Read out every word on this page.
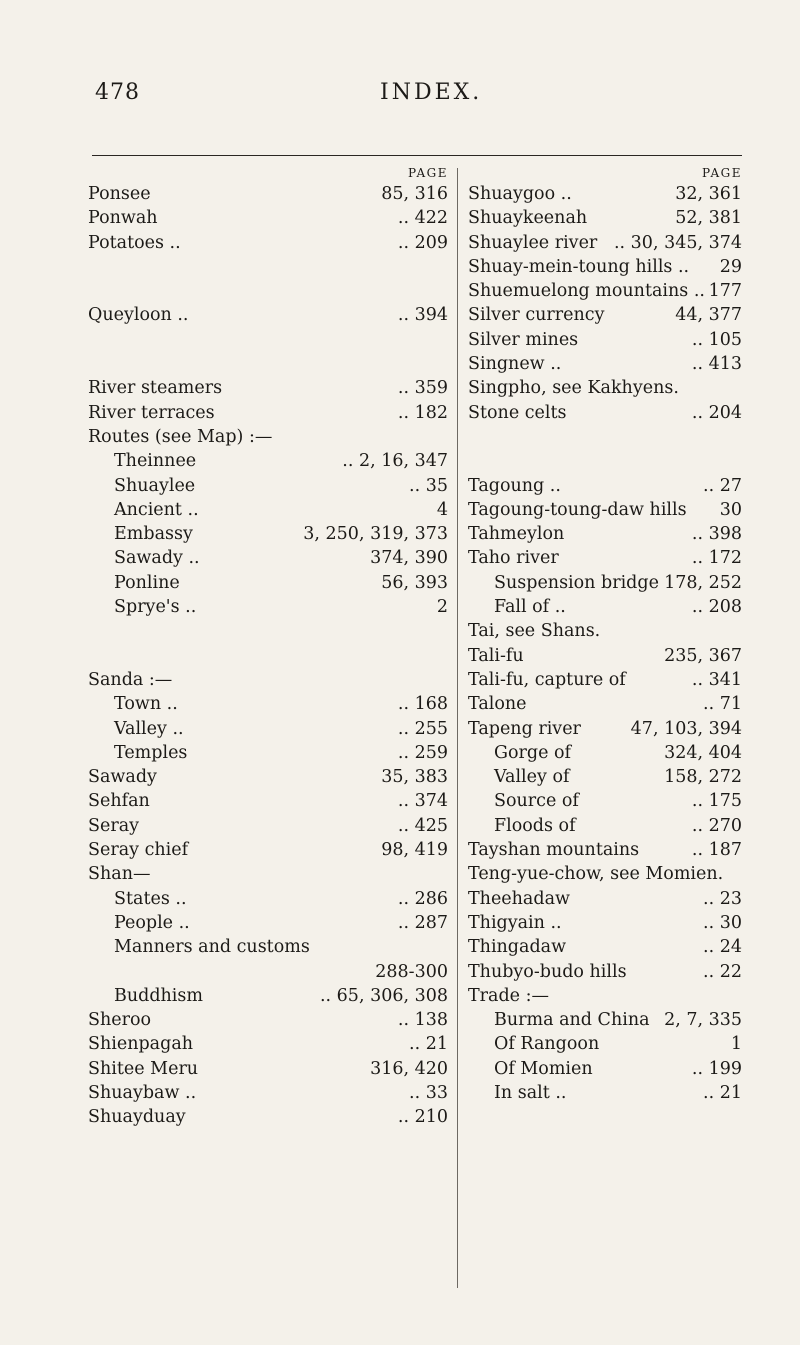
478	INDEX.
PAGE
Ponsee	85, 316
Ponwah	.. 422
Potatoes ..	.. 209
Queyloon ..	.. 394
River steamers	.. 359
River terraces	.. 182
Routes (see Map) :—
Theinnee	.. 2, 16, 347
Shuaylee	.. 35
Ancient ..	4
Embassy	3, 250, 319, 373
Sawady ..	374, 390
Ponline	56, 393
Sprye's ..	2
Sanda :—
Town ..	.. 168
Valley ..	.. 255
Temples	.. 259
Sawady	35, 383
Sehfan	.. 374
Seray	.. 425
Seray chief	98, 419
Shan—
States ..	.. 286
People ..	.. 287
Manners and customs
288-300
Buddhism	.. 65, 306, 308
Sheroo	.. 138
Shienpagah	.. 21
Shitee Meru	316, 420
Shuaybaw ..	.. 33
Shuayduay	.. 210
PAGE
Shuaygoo ..	32, 361
Shuaykeenah	52, 381
Shuaylee river .. 30, 345, 374
Shuay-mein-toung hills .. 29
Shuemuelong mountains .. 177
Silver currency	44, 377
Silver mines	.. 105
Singnew ..	.. 413
Singpho, see Kakhyens.
Stone celts	.. 204
Tagoung ..	.. 27
Tagoung-toung-daw hills 30
Tahmeylon	.. 398
Taho river	.. 172
Suspension bridge 178, 252
Fall of ..	.. 208
Tai, see Shans.
Tali-fu	235, 367
Tali-fu, capture of	.. 341
Talone	.. 71
Tapeng river	47, 103, 394
Gorge of	324, 404
Valley of	158, 272
Source of	.. 175
Floods of	.. 270
Tayshan mountains	.. 187
Teng-yue-chow, see Momien.
Theehadaw	.. 23
Thigyain ..	.. 30
Thingadaw	.. 24
Thubyo-budo hills	.. 22
Trade :—
Burma and China 2, 7, 335
Of Rangoon	1
Of Momien	.. 199
In salt ..	.. 21
